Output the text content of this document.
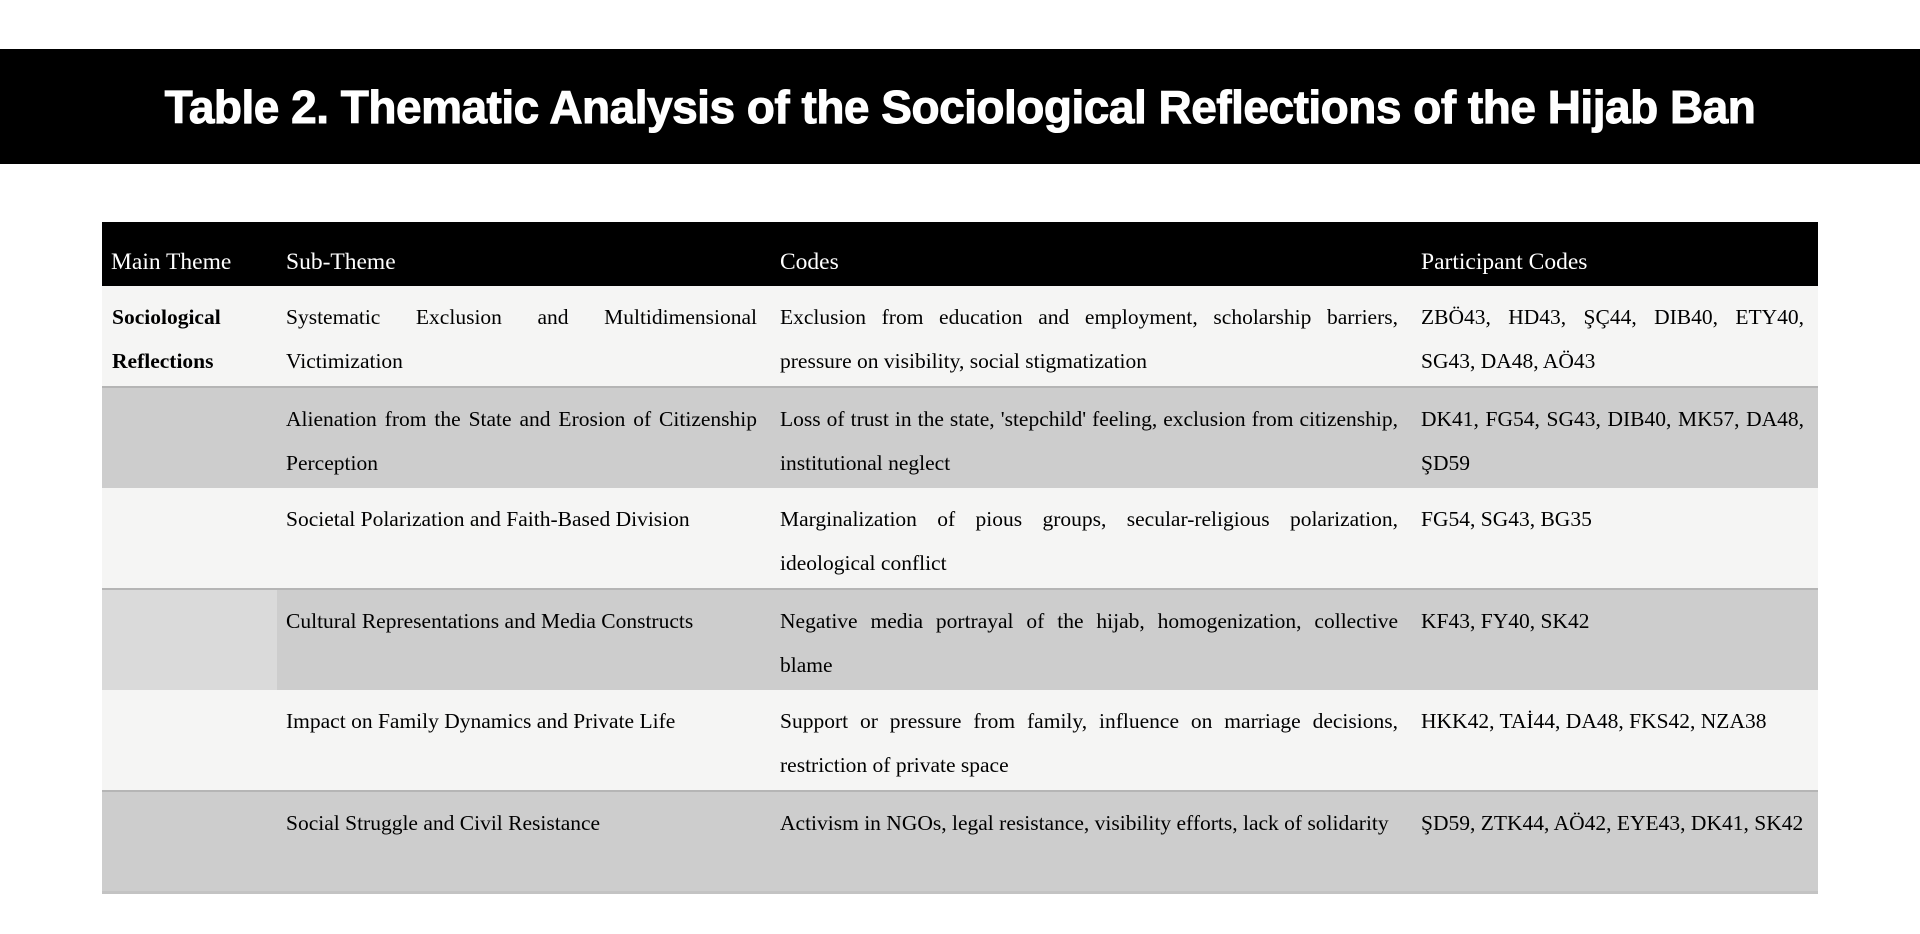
Table 2. Thematic Analysis of the Sociological Reflections of the Hijab Ban
Main Theme	Sub-Theme	Codes	Participant Codes
Sociological Reflections	Systematic Exclusion and Multidimensional Victimization	Exclusion from education and employment, scholarship barriers, pressure on visibility, social stigmatization	ZBÖ43, HD43, ŞÇ44, DIB40, ETY40, SG43, DA48, AÖ43
	Alienation from the State and Erosion of Citizenship Perception	Loss of trust in the state, 'stepchild' feeling, exclusion from citizenship, institutional neglect	DK41, FG54, SG43, DIB40, MK57, DA48, ŞD59
	Societal Polarization and Faith-Based Division	Marginalization of pious groups, secular-religious polarization, ideological conflict	FG54, SG43, BG35
	Cultural Representations and Media Constructs	Negative media portrayal of the hijab, homogenization, collective blame	KF43, FY40, SK42
	Impact on Family Dynamics and Private Life	Support or pressure from family, influence on marriage decisions, restriction of private space	HKK42, TAİ44, DA48, FKS42, NZA38
	Social Struggle and Civil Resistance	Activism in NGOs, legal resistance, visibility efforts, lack of solidarity	ŞD59, ZTK44, AÖ42, EYE43, DK41, SK42
